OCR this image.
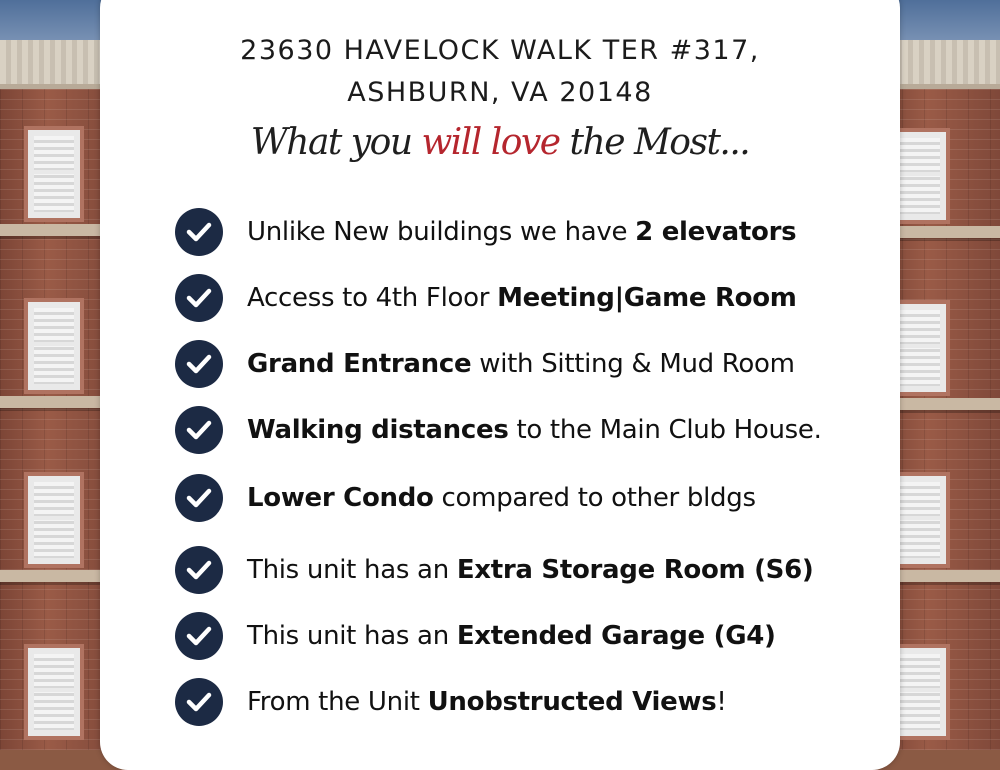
23630 HAVELOCK WALK TER #317,
ASHBURN, VA 20148
What you will love the Most...
Unlike New buildings we have 2 elevators
Access to 4th Floor Meeting|Game Room
Grand Entrance with Sitting & Mud Room
Walking distances to the Main Club House.
Lower Condo compared to other bldgs
This unit has an Extra Storage Room (S6)
This unit has an Extended Garage (G4)
From the Unit Unobstructed Views!
